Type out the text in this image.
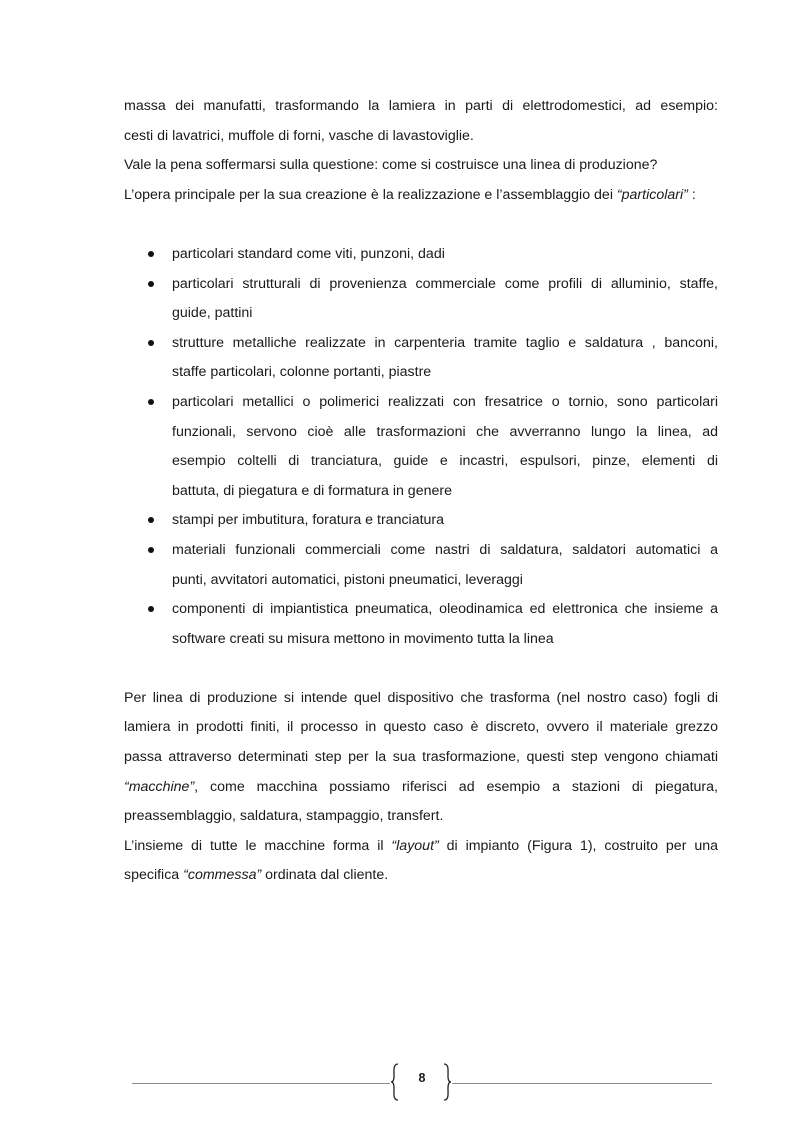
massa dei manufatti, trasformando la lamiera in parti di elettrodomestici, ad esempio:
cesti di lavatrici, muffole di forni, vasche di lavastoviglie.
Vale la pena soffermarsi sulla questione: come si costruisce una linea di produzione?
L’opera principale per la sua creazione è la realizzazione e l’assemblaggio dei “particolari” :
particolari standard come viti, punzoni, dadi
particolari strutturali di provenienza commerciale come profili di alluminio, staffe,
guide, pattini
strutture metalliche realizzate in carpenteria tramite taglio e saldatura , banconi,
staffe particolari, colonne portanti, piastre
particolari metallici o polimerici realizzati con fresatrice o tornio, sono particolari
funzionali, servono cioè alle trasformazioni che avverranno lungo la linea, ad
esempio coltelli di tranciatura, guide e incastri, espulsori, pinze, elementi di
battuta, di piegatura e di formatura in genere
stampi per imbutitura, foratura e tranciatura
materiali funzionali commerciali come nastri di saldatura, saldatori automatici a
punti, avvitatori automatici, pistoni pneumatici, leveraggi
componenti di impiantistica pneumatica, oleodinamica ed elettronica che insieme a
software creati su misura mettono in movimento tutta la linea
Per linea di produzione si intende quel dispositivo che trasforma (nel nostro caso) fogli di
lamiera in prodotti finiti, il processo in questo caso è discreto, ovvero il materiale grezzo
passa attraverso determinati step per la sua trasformazione, questi step vengono chiamati
“macchine”, come macchina possiamo riferisci ad esempio a stazioni di piegatura,
preassemblaggio, saldatura, stampaggio, transfert.
L’insieme di tutte le macchine forma il “layout” di impianto (Figura 1), costruito per una
specifica “commessa” ordinata dal cliente.
8
